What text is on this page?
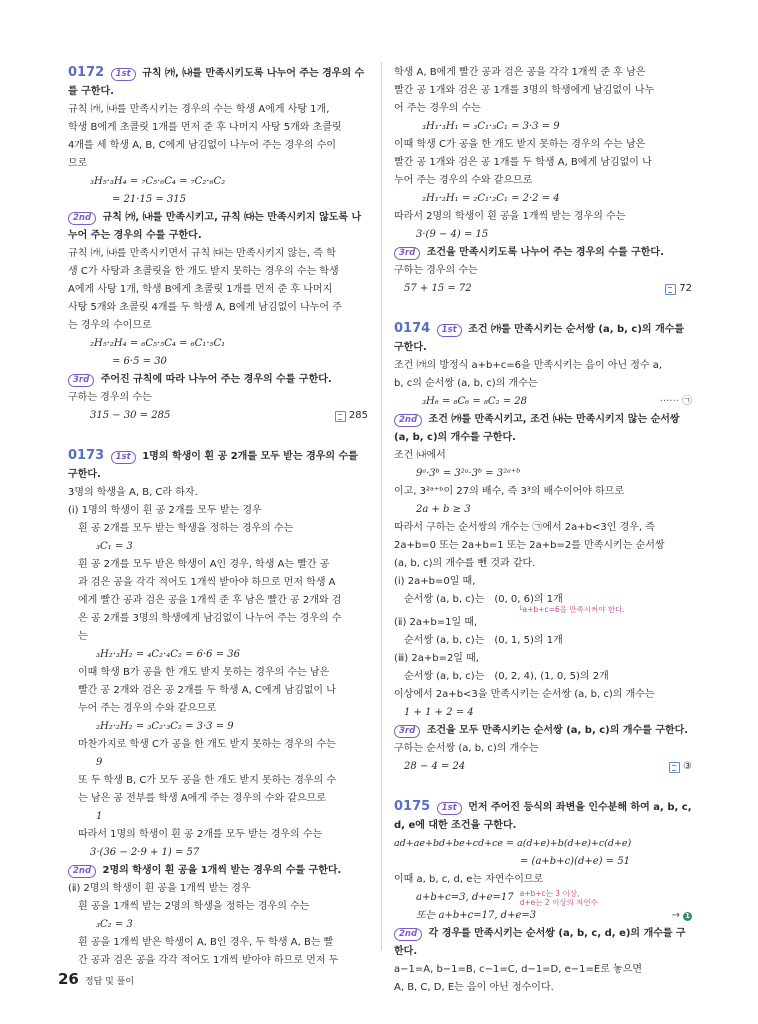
0172 1st 규칙 ㈎, ㈏를 만족시키도록 나누어 주는 경우의 수를 구한다.
규칙 ㈎, ㈏를 만족시키는 경우의 수는 학생 A에게 사탕 1개,
학생 B에게 초콜릿 1개를 먼저 준 후 나머지 사탕 5개와 초콜릿
4개를 세 학생 A, B, C에게 남김없이 나누어 주는 경우의 수이
므로
₃H₅·₃H₄ = ₇C₅·₆C₄ = ₇C₂·₆C₂
= 21·15 = 315
2nd 규칙 ㈎, ㈏를 만족시키고, 규칙 ㈐는 만족시키지 않도록 나누어 주는 경우의 수를 구한다.
규칙 ㈎, ㈏를 만족시키면서 규칙 ㈐는 만족시키지 않는, 즉 학
생 C가 사탕과 초콜릿을 한 개도 받지 못하는 경우의 수는 학생
A에게 사탕 1개, 학생 B에게 초콜릿 1개를 먼저 준 후 나머지
사탕 5개와 초콜릿 4개를 두 학생 A, B에게 남김없이 나누어 주
는 경우의 수이므로
₂H₅·₂H₄ = ₆C₅·₅C₄ = ₆C₁·₅C₁
= 6·5 = 30
3rd 주어진 규칙에 따라 나누어 주는 경우의 수를 구한다.
구하는 경우의 수는
315 − 30 = 285	285
0173 1st 1명의 학생이 흰 공 2개를 모두 받는 경우의 수를 구한다.
3명의 학생을 A, B, C라 하자.
(ⅰ) 1명의 학생이 흰 공 2개를 모두 받는 경우
흰 공 2개를 모두 받는 학생을 정하는 경우의 수는
₃C₁ = 3
흰 공 2개를 모두 받은 학생이 A인 경우, 학생 A는 빨간 공
과 검은 공을 각각 적어도 1개씩 받아야 하므로 먼저 학생 A
에게 빨간 공과 검은 공을 1개씩 준 후 남은 빨간 공 2개와 검
은 공 2개를 3명의 학생에게 남김없이 나누어 주는 경우의 수
는
₃H₂·₃H₂ = ₄C₂·₄C₂ = 6·6 = 36
이때 학생 B가 공을 한 개도 받지 못하는 경우의 수는 남은
빨간 공 2개와 검은 공 2개를 두 학생 A, C에게 남김없이 나
누어 주는 경우의 수와 같으므로
₂H₂·₂H₂ = ₃C₂·₃C₂ = 3·3 = 9
마찬가지로 학생 C가 공을 한 개도 받지 못하는 경우의 수는
9
또 두 학생 B, C가 모두 공을 한 개도 받지 못하는 경우의 수
는 남은 공 전부를 학생 A에게 주는 경우의 수와 같으므로
1
따라서 1명의 학생이 흰 공 2개를 모두 받는 경우의 수는
3·(36 − 2·9 + 1) = 57
2nd 2명의 학생이 흰 공을 1개씩 받는 경우의 수를 구한다.
(ⅱ) 2명의 학생이 흰 공을 1개씩 받는 경우
흰 공을 1개씩 받는 2명의 학생을 정하는 경우의 수는
₃C₂ = 3
흰 공을 1개씩 받은 학생이 A, B인 경우, 두 학생 A, B는 빨
간 공과 검은 공을 각각 적어도 1개씩 받아야 하므로 먼저 두
학생 A, B에게 빨간 공과 검은 공을 각각 1개씩 준 후 남은
빨간 공 1개와 검은 공 1개를 3명의 학생에게 남김없이 나누
어 주는 경우의 수는
₃H₁·₃H₁ = ₃C₁·₃C₁ = 3·3 = 9
이때 학생 C가 공을 한 개도 받지 못하는 경우의 수는 남은
빨간 공 1개와 검은 공 1개를 두 학생 A, B에게 남김없이 나
누어 주는 경우의 수와 같으므로
₂H₁·₂H₁ = ₂C₁·₂C₁ = 2·2 = 4
따라서 2명의 학생이 흰 공을 1개씩 받는 경우의 수는
3·(9 − 4) = 15
3rd 조건을 만족시키도록 나누어 주는 경우의 수를 구한다.
구하는 경우의 수는
57 + 15 = 72	72
0174 1st 조건 ㈎를 만족시키는 순서쌍 (a, b, c)의 개수를 구한다.
조건 ㈎의 방정식 a+b+c=6을 만족시키는 음이 아닌 정수 a,
b, c의 순서쌍 (a, b, c)의 개수는
₃H₆ = ₈C₆ = ₈C₂ = 28	······ ㉠
2nd 조건 ㈎를 만족시키고, 조건 ㈏는 만족시키지 않는 순서쌍 (a, b, c)의 개수를 구한다.
조건 ㈏에서
9ᵃ·3ᵇ = 3²ᵃ·3ᵇ = 3²ᵃ⁺ᵇ
이고, 3²ᵃ⁺ᵇ이 27의 배수, 즉 3³의 배수이어야 하므로
2a + b ≥ 3
따라서 구하는 순서쌍의 개수는 ㉠에서 2a+b<3인 경우, 즉
2a+b=0 또는 2a+b=1 또는 2a+b=2를 만족시키는 순서쌍
(a, b, c)의 개수를 뺀 것과 같다.
(ⅰ) 2a+b=0일 때,
순서쌍 (a, b, c)는 (0, 0, 6)의 1개
└a+b+c=6을 만족시켜야 한다.
(ⅱ) 2a+b=1일 때,
순서쌍 (a, b, c)는 (0, 1, 5)의 1개
(ⅲ) 2a+b=2일 때,
순서쌍 (a, b, c)는 (0, 2, 4), (1, 0, 5)의 2개
이상에서 2a+b<3을 만족시키는 순서쌍 (a, b, c)의 개수는
1 + 1 + 2 = 4
3rd 조건을 모두 만족시키는 순서쌍 (a, b, c)의 개수를 구한다.
구하는 순서쌍 (a, b, c)의 개수는
28 − 4 = 24	③
0175 1st 먼저 주어진 등식의 좌변을 인수분해 하여 a, b, c, d, e에 대한 조건을 구한다.
ad+ae+bd+be+cd+ce = a(d+e)+b(d+e)+c(d+e)
= (a+b+c)(d+e) = 51
이때 a, b, c, d, e는 자연수이므로
a+b+c=3, d+e=17 a+b+c는 3 이상,
d+e는 2 이상의 자연수
또는 a+b+c=17, d+e=3	→ 1
2nd 각 경우를 만족시키는 순서쌍 (a, b, c, d, e)의 개수를 구한다.
a−1=A, b−1=B, c−1=C, d−1=D, e−1=E로 놓으면
A, B, C, D, E는 음이 아닌 정수이다.
26 정답 및 풀이
